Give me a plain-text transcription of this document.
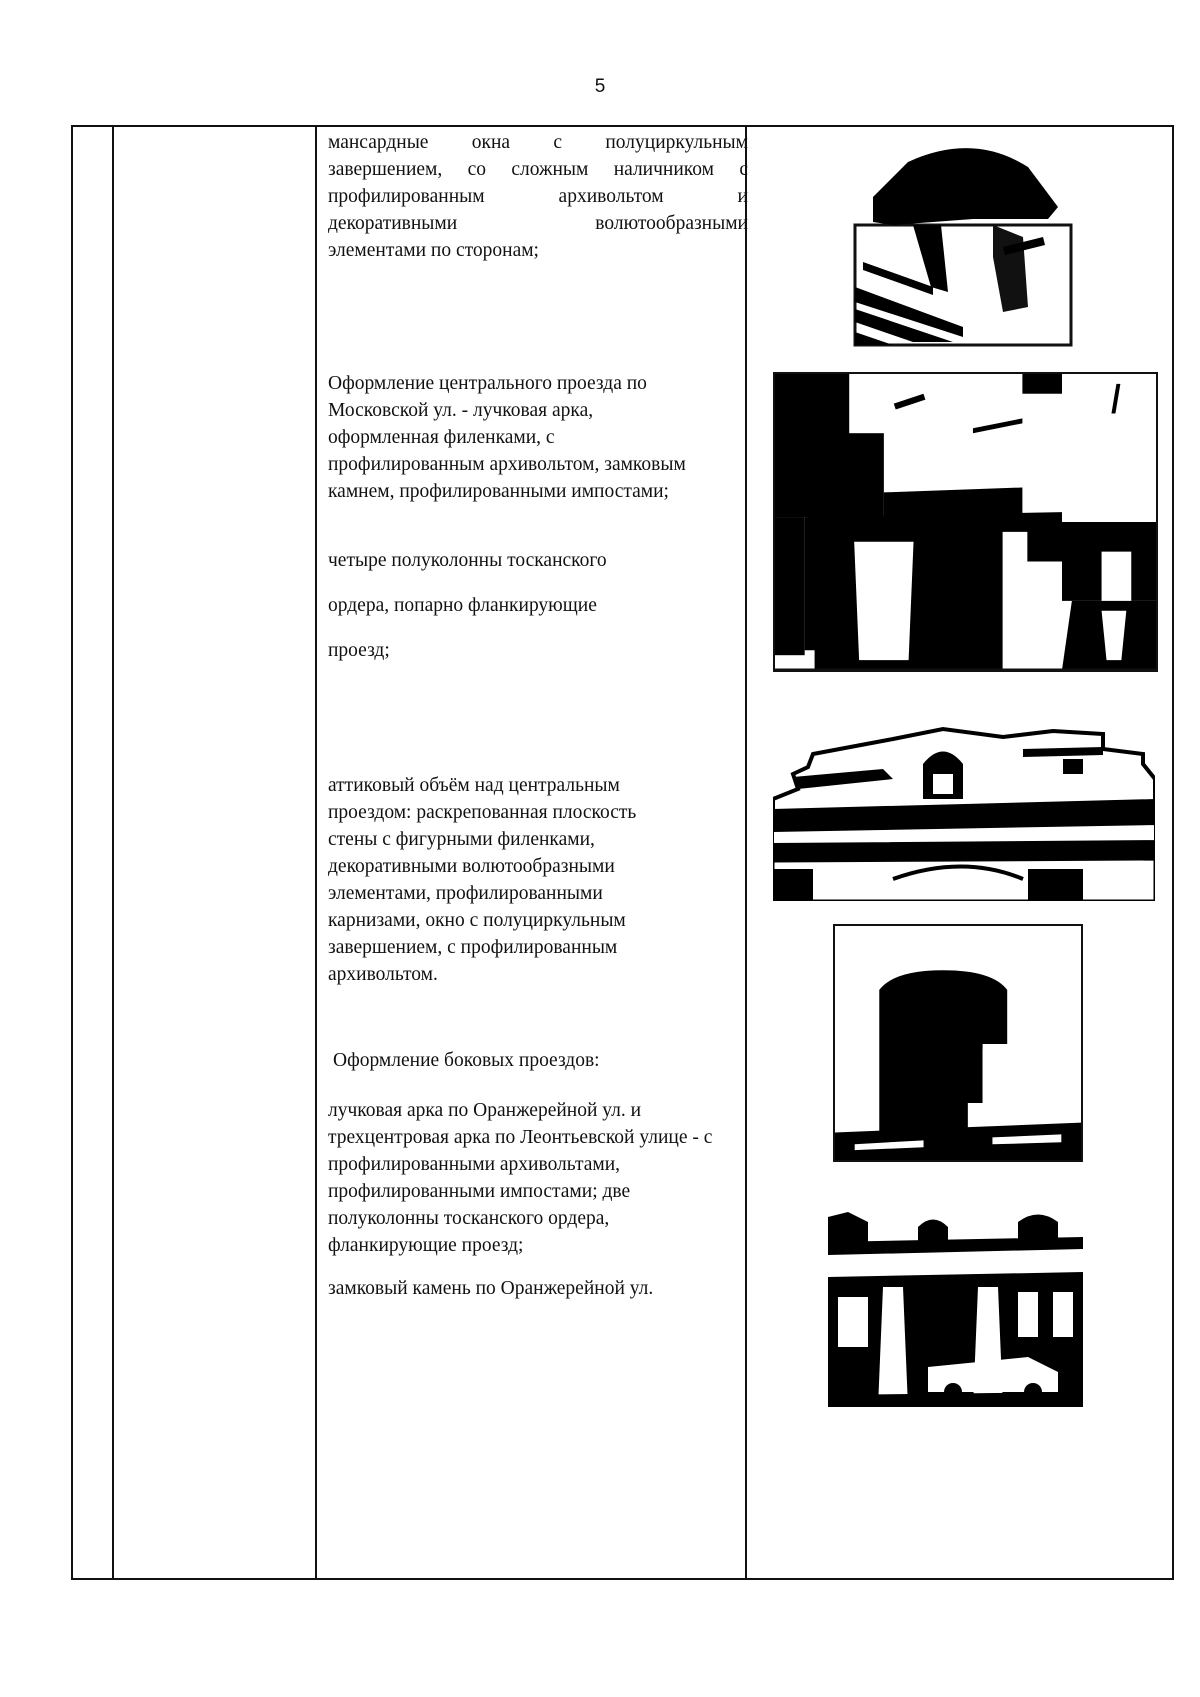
5

мансардные окна с полуциркульным

завершением, со сложным наличником с

профилированным архивольтом и

декоративными волютообразными

элементами по сторонам;

Оформление центрального проезда по Московской ул. - лучковая арка, оформленная филенками, с профилированным архивольтом, замковым камнем, профилированными импостами;

четыре полуколонны тосканского

ордера, попарно фланкирующие

проезд;

аттиковый объём над центральным проездом: раскрепованная плоскость стены с фигурными филенками, декоративными волютообразными элементами, профилированными карнизами, окно с полуциркульным завершением, с профилированным архивольтом.

Оформление боковых проездов:

лучковая арка по Оранжерейной ул. и трехцентровая арка по Леонтьевской улице - с профилированными архивольтами, профилированными импостами; две полуколонны тосканского ордера, фланкирующие проезд;

замковый камень по Оранжерейной ул.
